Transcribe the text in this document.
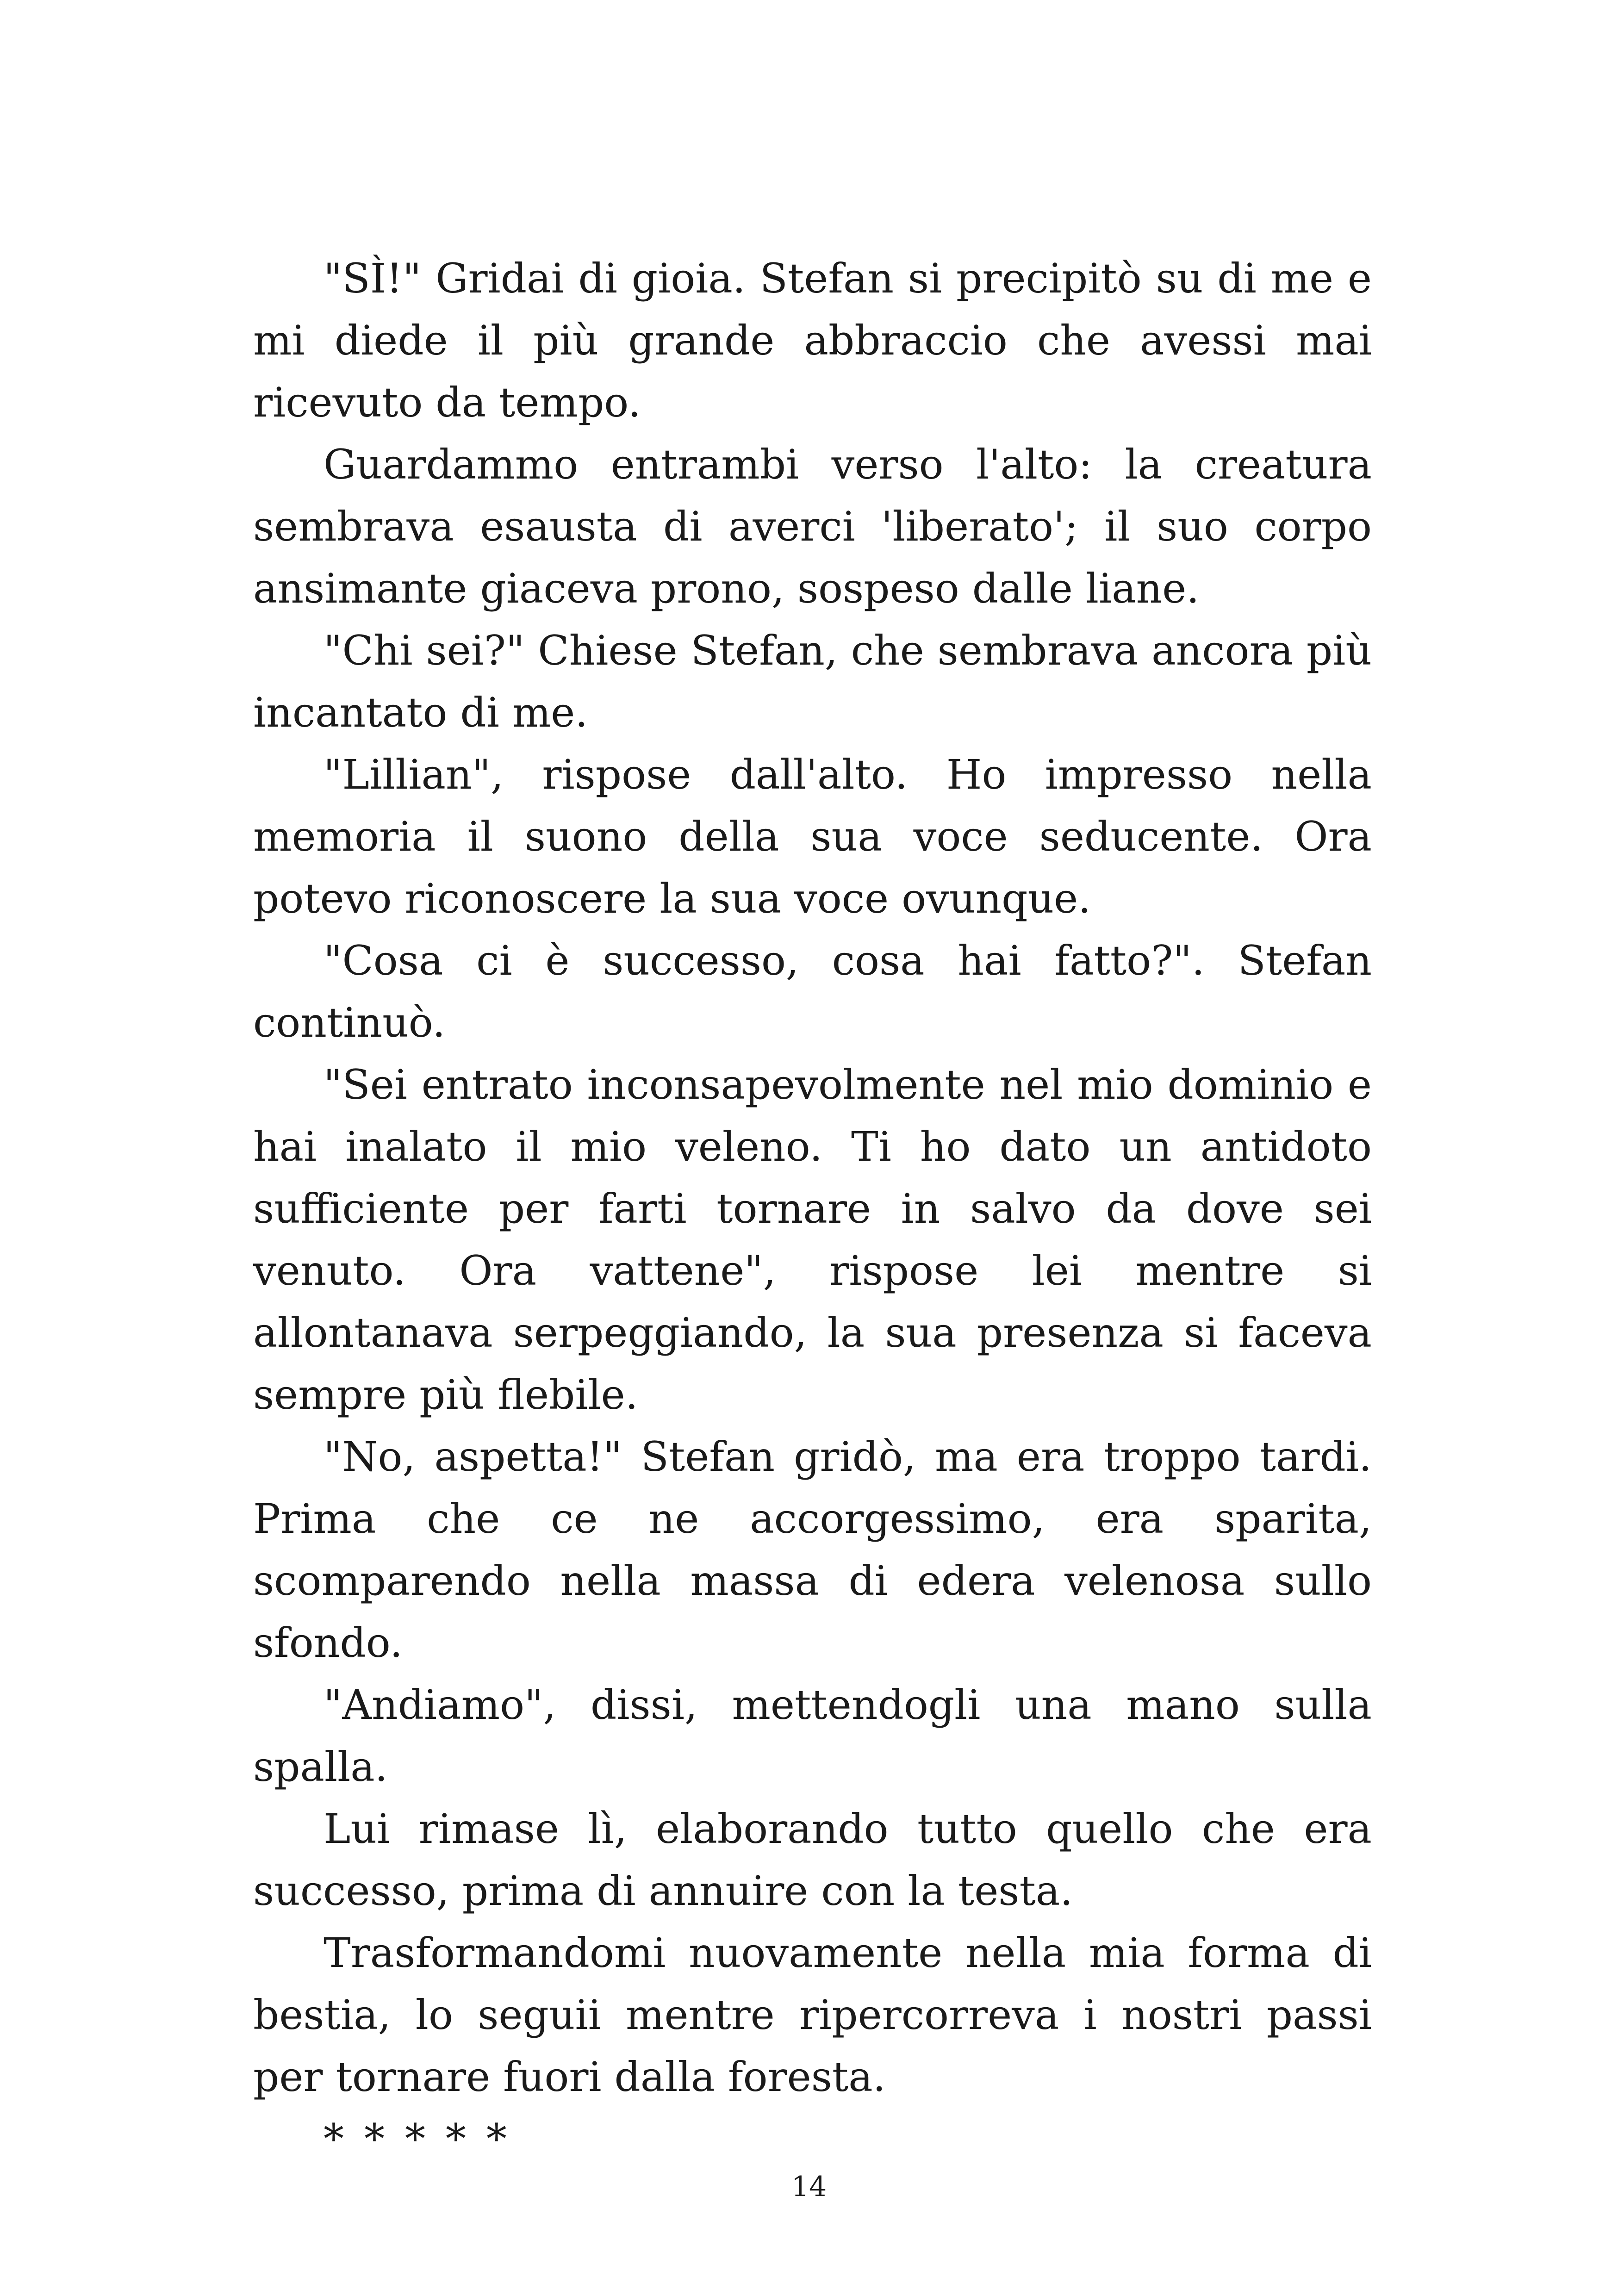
"SÌ!" Gridai di gioia. Stefan si precipitò su di me e mi diede il più grande abbraccio che avessi mai ricevuto da tempo.

Guardammo entrambi verso l'alto: la creatura sembrava esausta di averci 'liberato'; il suo corpo ansimante giaceva prono, sospeso dalle liane.

"Chi sei?" Chiese Stefan, che sembrava ancora più incantato di me.

"Lillian", rispose dall'alto. Ho impresso nella memoria il suono della sua voce seducente. Ora potevo riconoscere la sua voce ovunque.

"Cosa ci è successo, cosa hai fatto?". Stefan continuò.

"Sei entrato inconsapevolmente nel mio dominio e hai inalato il mio veleno. Ti ho dato un antidoto sufficiente per farti tornare in salvo da dove sei venuto. Ora vattene", rispose lei mentre si allontanava serpeggiando, la sua presenza si faceva sempre più flebile.

"No, aspetta!" Stefan gridò, ma era troppo tardi. Prima che ce ne accorgessimo, era sparita, scomparendo nella massa di edera velenosa sullo sfondo.

"Andiamo", dissi, mettendogli una mano sulla spalla.

Lui rimase lì, elaborando tutto quello che era successo, prima di annuire con la testa.

Trasformandomi nuovamente nella mia forma di bestia, lo seguii mentre ripercorreva i nostri passi per tornare fuori dalla foresta.

* * * * *

14
